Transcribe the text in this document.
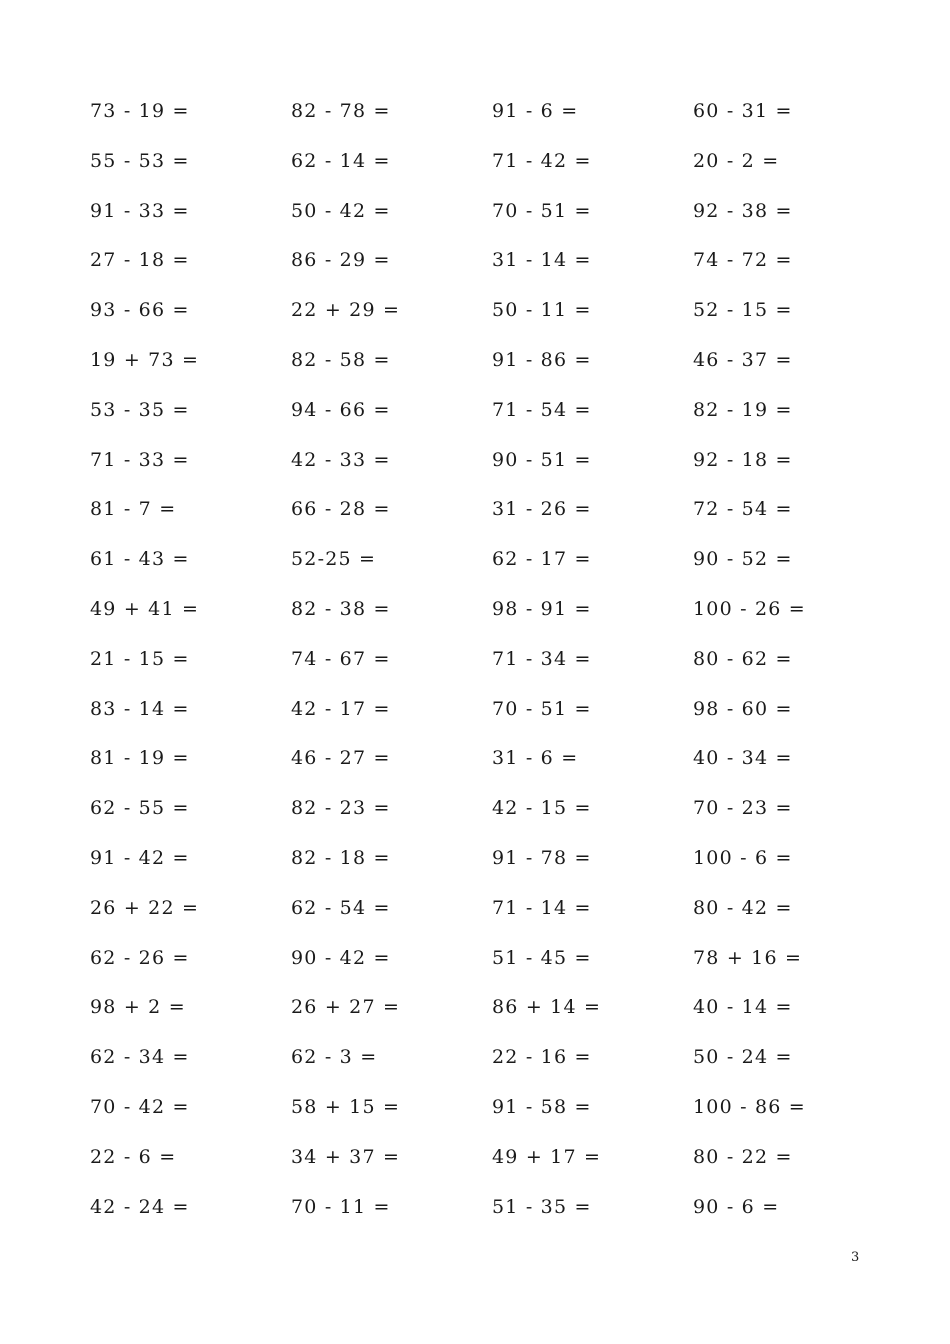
73 - 19 =	82 - 78 =	91 - 6 =	60 - 31 =
55 - 53 =	62 - 14 =	71 - 42 =	20 - 2 =
91 - 33 =	50 - 42 =	70 - 51 =	92 - 38 =
27 - 18 =	86 - 29 =	31 - 14 =	74 - 72 =
93 - 66 =	22 + 29 =	50 - 11 =	52 - 15 =
19 + 73 =	82 - 58 =	91 - 86 =	46 - 37 =
53 - 35 =	94 - 66 =	71 - 54 =	82 - 19 =
71 - 33 =	42 - 33 =	90 - 51 =	92 - 18 =
81 - 7 =	66 - 28 =	31 - 26 =	72 - 54 =
61 - 43 =	52-25 =	62 - 17 =	90 - 52 =
49 + 41 =	82 - 38 =	98 - 91 =	100 - 26 =
21 - 15 =	74 - 67 =	71 - 34 =	80 - 62 =
83 - 14 =	42 - 17 =	70 - 51 =	98 - 60 =
81 - 19 =	46 - 27 =	31 - 6 =	40 - 34 =
62 - 55 =	82 - 23 =	42 - 15 =	70 - 23 =
91 - 42 =	82 - 18 =	91 - 78 =	100 - 6 =
26 + 22 =	62 - 54 =	71 - 14 =	80 - 42 =
62 - 26 =	90 - 42 =	51 - 45 =	78 + 16 =
98 + 2 =	26 + 27 =	86 + 14 =	40 - 14 =
62 - 34 =	62 - 3 =	22 - 16 =	50 - 24 =
70 - 42 =	58 + 15 =	91 - 58 =	100 - 86 =
22 - 6 =	34 + 37 =	49 + 17 =	80 - 22 =
42 - 24 =	70 - 11 =	51 - 35 =	90 - 6 =
3
